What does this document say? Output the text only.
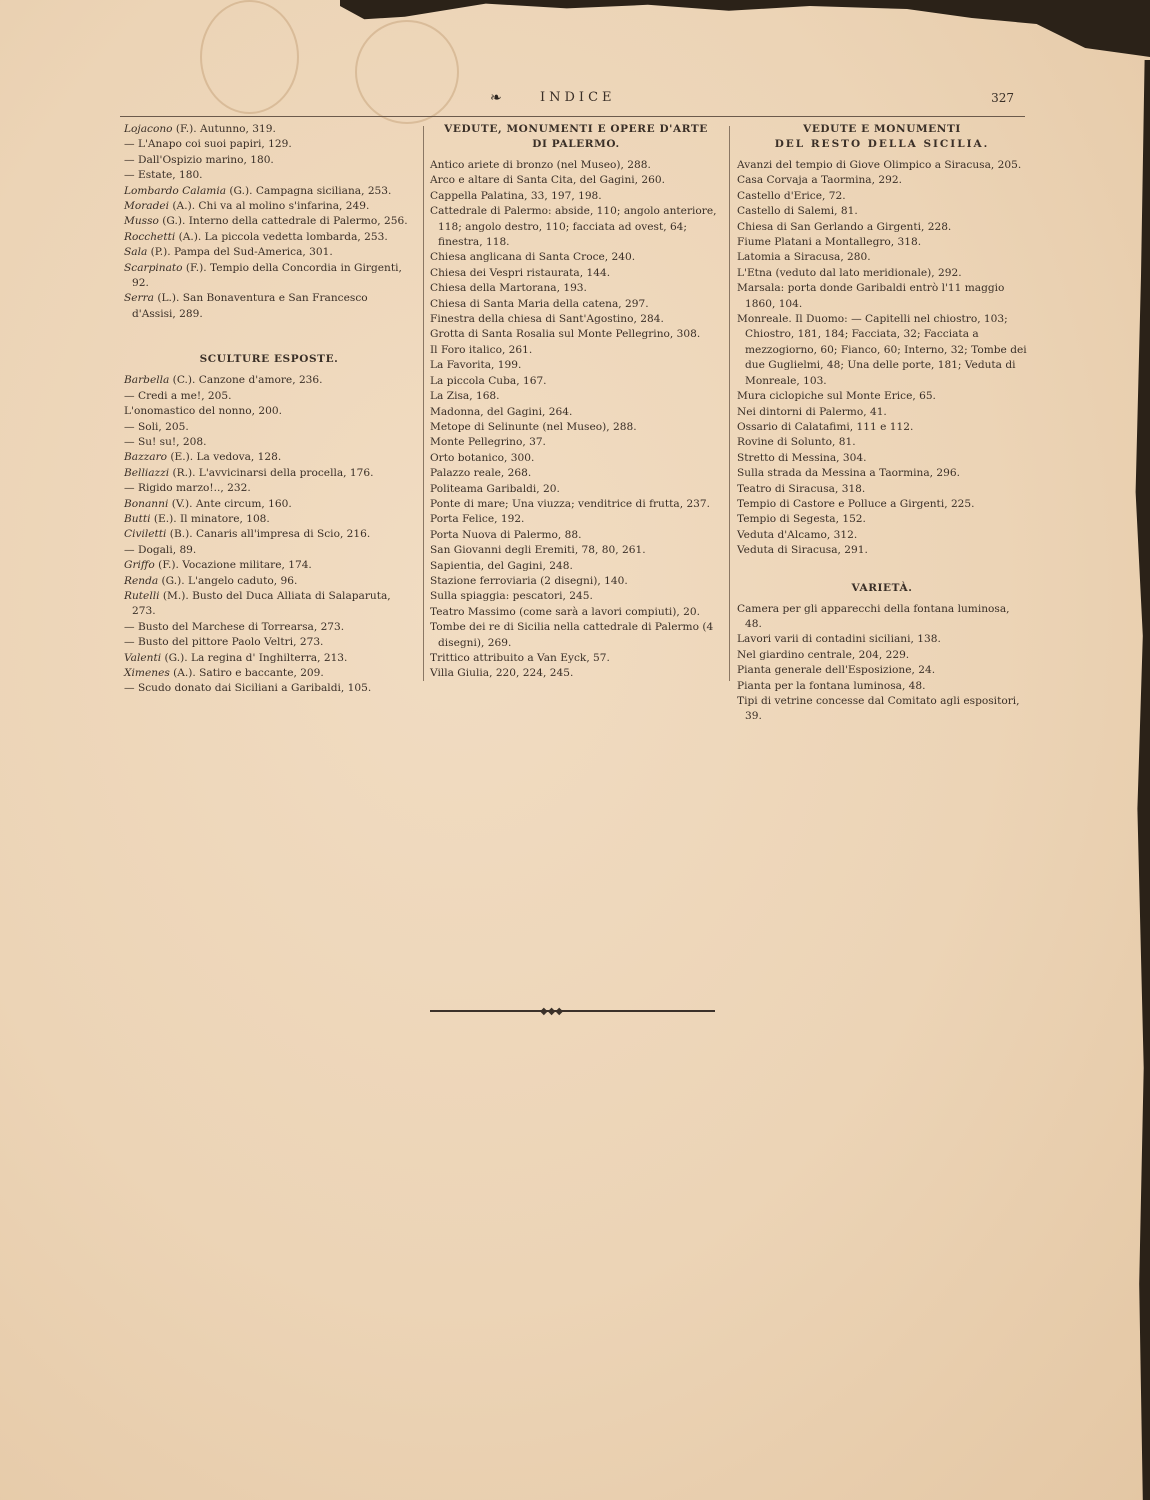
❧	INDICE	327
Lojacono (F.). Autunno, 319.
— L'Anapo coi suoi papiri, 129.
— Dall'Ospizio marino, 180.
— Estate, 180.
Lombardo Calamia (G.). Campagna siciliana, 253.
Moradei (A.). Chi va al molino s'infarina, 249.
Musso (G.). Interno della cattedrale di Palermo, 256.
Rocchetti (A.). La piccola vedetta lombarda, 253.
Sala (P.). Pampa del Sud-America, 301.
Scarpinato (F.). Tempio della Concordia in Girgenti, 92.
Serra (L.). San Bonaventura e San Francesco d'Assisi, 289.
SCULTURE ESPOSTE.
Barbella (C.). Canzone d'amore, 236.
— Credi a me!, 205.
L'onomastico del nonno, 200.
— Soli, 205.
— Su! su!, 208.
Bazzaro (E.). La vedova, 128.
Belliazzi (R.). L'avvicinarsi della procella, 176.
— Rigido marzo!.., 232.
Bonanni (V.). Ante circum, 160.
Butti (E.). Il minatore, 108.
Civiletti (B.). Canaris all'impresa di Scio, 216.
— Dogali, 89.
Griffo (F.). Vocazione militare, 174.
Renda (G.). L'angelo caduto, 96.
Rutelli (M.). Busto del Duca Alliata di Salaparuta, 273.
— Busto del Marchese di Torrearsa, 273.
— Busto del pittore Paolo Veltri, 273.
Valenti (G.). La regina d' Inghilterra, 213.
Ximenes (A.). Satiro e baccante, 209.
— Scudo donato dai Siciliani a Garibaldi, 105.
VEDUTE, MONUMENTI E OPERE D'ARTE
DI PALERMO.
Antico ariete di bronzo (nel Museo), 288.
Arco e altare di Santa Cita, del Gagini, 260.
Cappella Palatina, 33, 197, 198.
Cattedrale di Palermo: abside, 110; angolo anteriore, 118; angolo destro, 110; facciata ad ovest, 64; finestra, 118.
Chiesa anglicana di Santa Croce, 240.
Chiesa dei Vespri ristaurata, 144.
Chiesa della Martorana, 193.
Chiesa di Santa Maria della catena, 297.
Finestra della chiesa di Sant'Agostino, 284.
Grotta di Santa Rosalia sul Monte Pellegrino, 308.
Il Foro italico, 261.
La Favorita, 199.
La piccola Cuba, 167.
La Zisa, 168.
Madonna, del Gagini, 264.
Metope di Selinunte (nel Museo), 288.
Monte Pellegrino, 37.
Orto botanico, 300.
Palazzo reale, 268.
Politeama Garibaldi, 20.
Ponte di mare; Una viuzza; venditrice di frutta, 237.
Porta Felice, 192.
Porta Nuova di Palermo, 88.
San Giovanni degli Eremiti, 78, 80, 261.
Sapientia, del Gagini, 248.
Stazione ferroviaria (2 disegni), 140.
Sulla spiaggia: pescatori, 245.
Teatro Massimo (come sarà a lavori compiuti), 20.
Tombe dei re di Sicilia nella cattedrale di Palermo (4 disegni), 269.
Trittico attribuito a Van Eyck, 57.
Villa Giulia, 220, 224, 245.
VEDUTE E MONUMENTI
DEL RESTO DELLA SICILIA.
Avanzi del tempio di Giove Olimpico a Siracusa, 205.
Casa Corvaja a Taormina, 292.
Castello d'Erice, 72.
Castello di Salemi, 81.
Chiesa di San Gerlando a Girgenti, 228.
Fiume Platani a Montallegro, 318.
Latomia a Siracusa, 280.
L'Etna (veduto dal lato meridionale), 292.
Marsala: porta donde Garibaldi entrò l'11 maggio 1860, 104.
Monreale. Il Duomo: — Capitelli nel chiostro, 103; Chiostro, 181, 184; Facciata, 32; Facciata a mezzogiorno, 60; Fianco, 60; Interno, 32; Tombe dei due Guglielmi, 48; Una delle porte, 181; Veduta di Monreale, 103.
Mura ciclopiche sul Monte Erice, 65.
Nei dintorni di Palermo, 41.
Ossario di Calatafimi, 111 e 112.
Rovine di Solunto, 81.
Stretto di Messina, 304.
Sulla strada da Messina a Taormina, 296.
Teatro di Siracusa, 318.
Tempio di Castore e Polluce a Girgenti, 225.
Tempio di Segesta, 152.
Veduta d'Alcamo, 312.
Veduta di Siracusa, 291.
VARIETÀ.
Camera per gli apparecchi della fontana luminosa, 48.
Lavori varii di contadini siciliani, 138.
Nel giardino centrale, 204, 229.
Pianta generale dell'Esposizione, 24.
Pianta per la fontana luminosa, 48.
Tipi di vetrine concesse dal Comitato agli espositori, 39.
◆◆◆
